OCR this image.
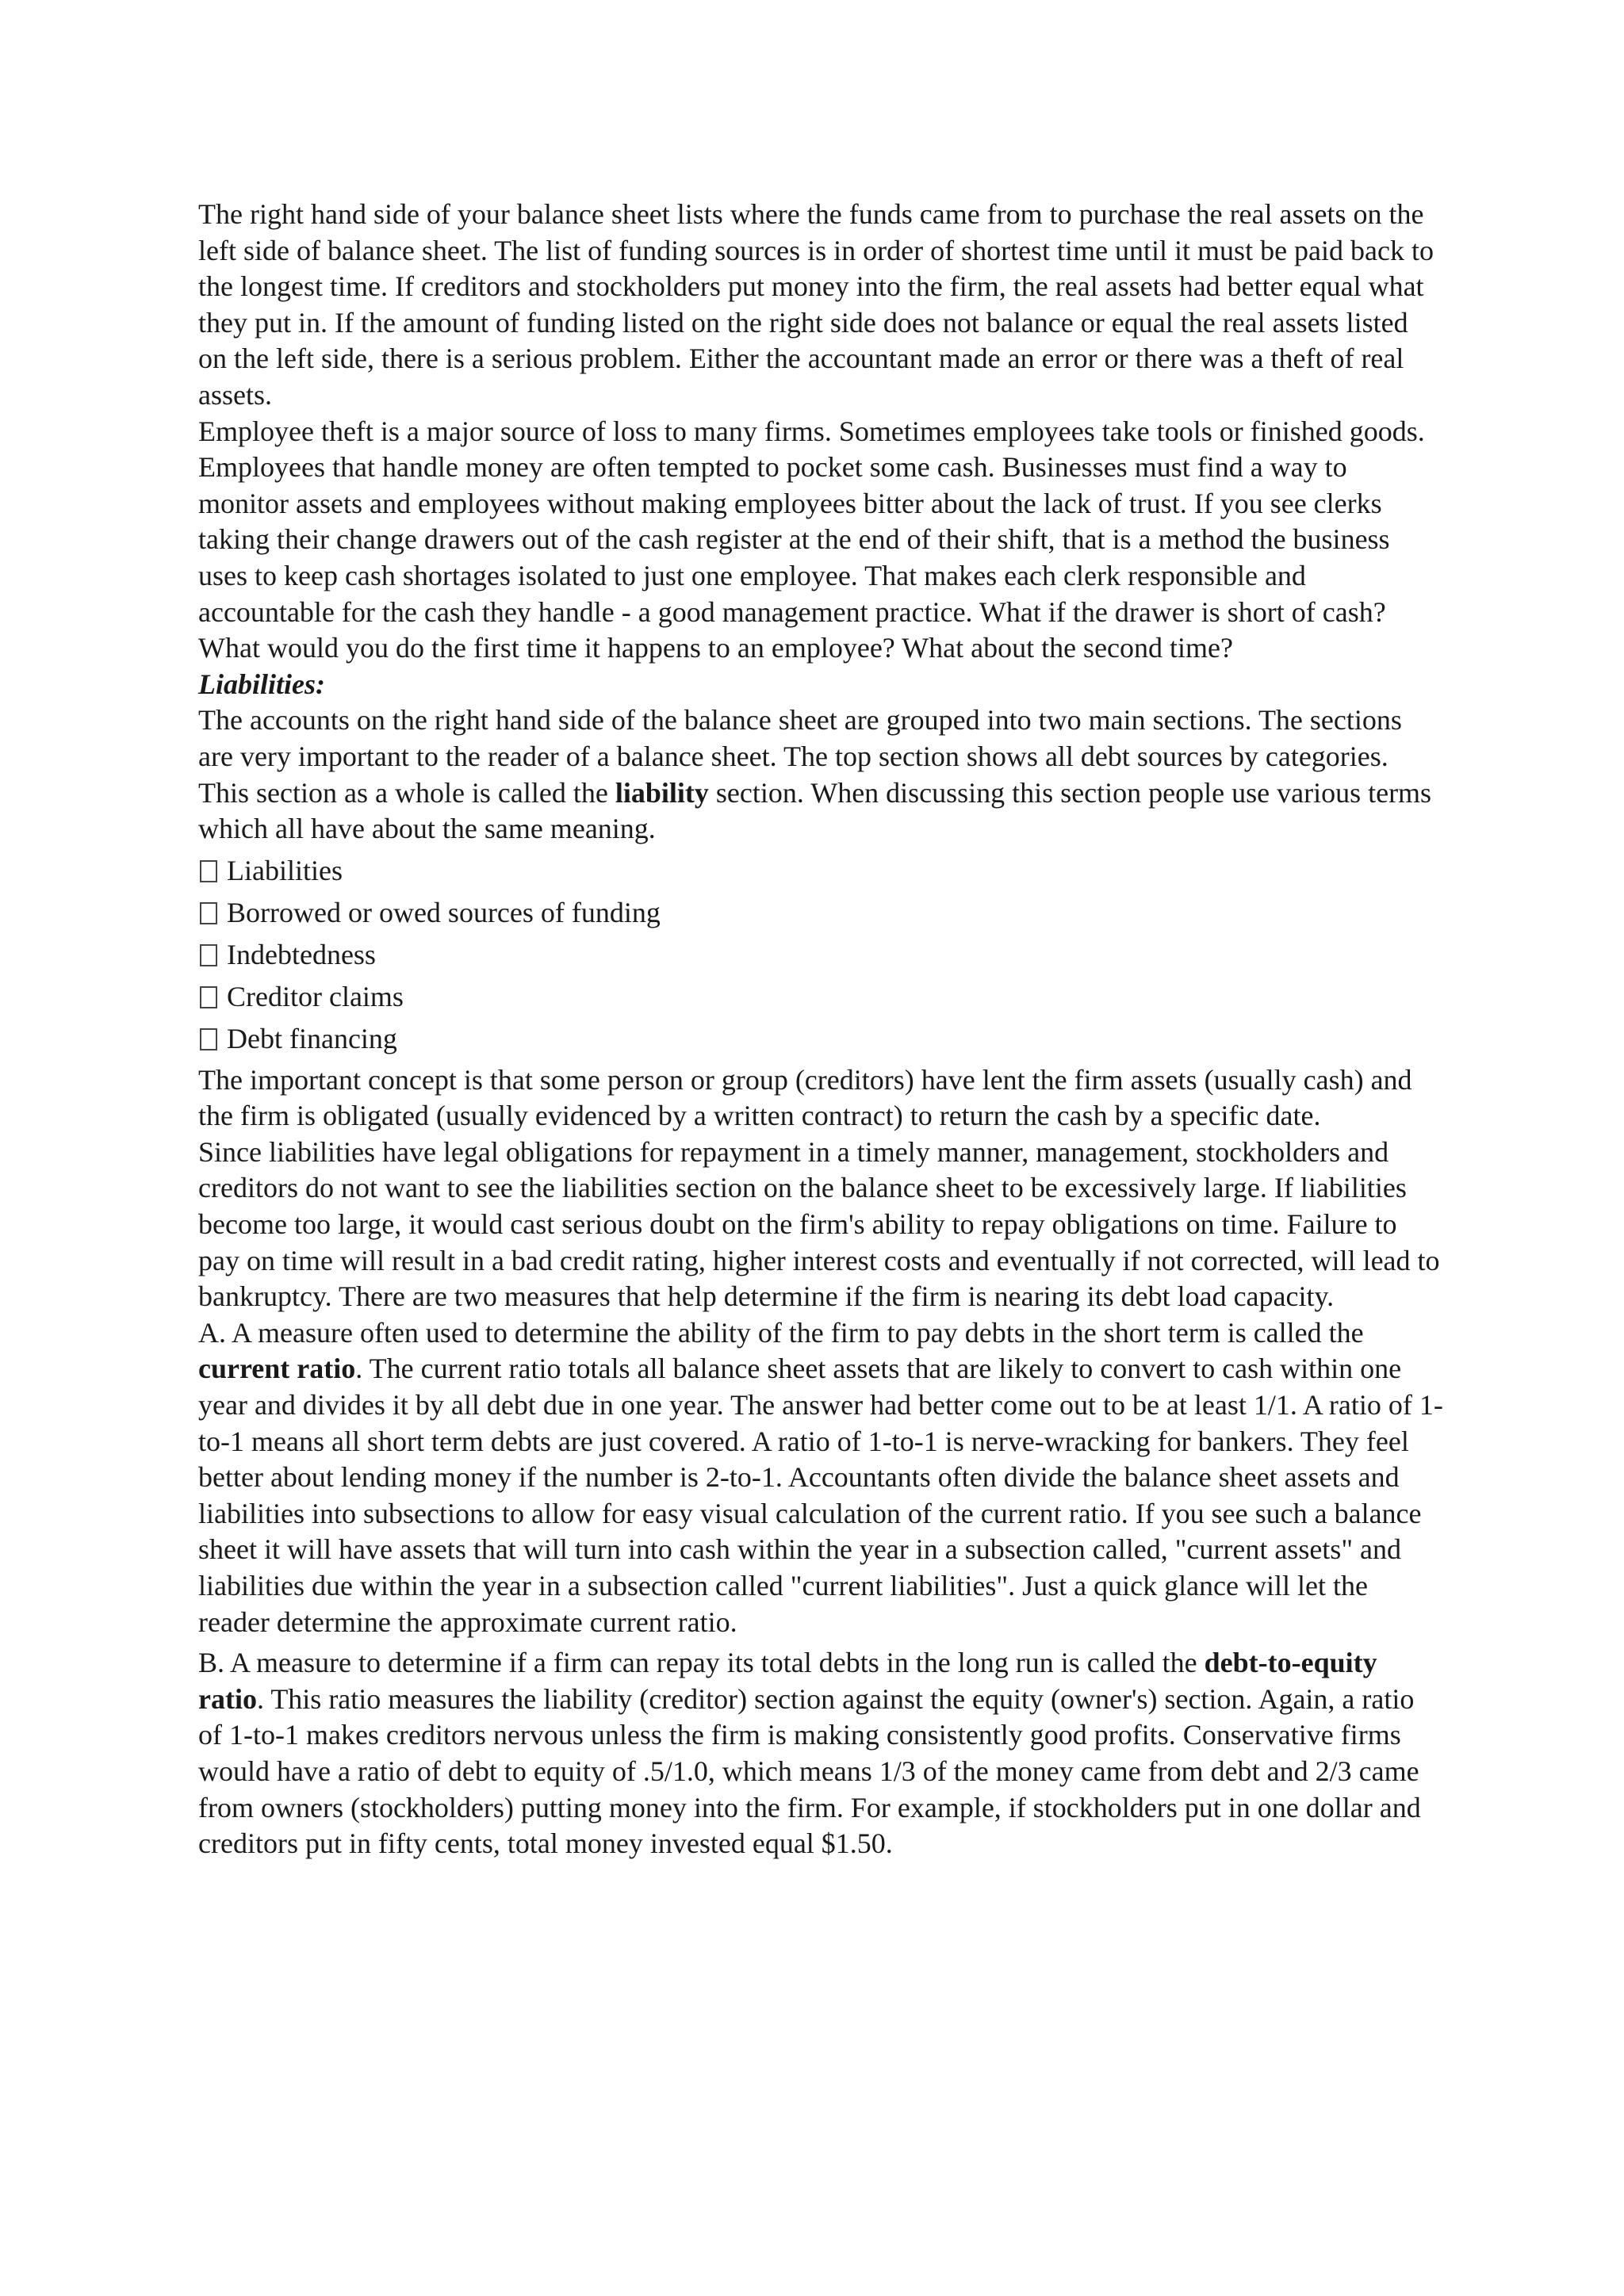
The right hand side of your balance sheet lists where the funds came from to purchase the real assets on the left side of balance sheet. The list of funding sources is in order of shortest time until it must be paid back to the longest time. If creditors and stockholders put money into the firm, the real assets had better equal what they put in. If the amount of funding listed on the right side does not balance or equal the real assets listed on the left side, there is a serious problem. Either the accountant made an error or there was a theft of real assets.

Employee theft is a major source of loss to many firms. Sometimes employees take tools or finished goods. Employees that handle money are often tempted to pocket some cash. Businesses must find a way to monitor assets and employees without making employees bitter about the lack of trust. If you see clerks taking their change drawers out of the cash register at the end of their shift, that is a method the business uses to keep cash shortages isolated to just one employee. That makes each clerk responsible and accountable for the cash they handle - a good management practice. What if the drawer is short of cash? What would you do the first time it happens to an employee? What about the second time?

Liabilities:

The accounts on the right hand side of the balance sheet are grouped into two main sections. The sections are very important to the reader of a balance sheet. The top section shows all debt sources by categories. This section as a whole is called the liability section. When discussing this section people use various terms which all have about the same meaning.

Liabilities
Borrowed or owed sources of funding
Indebtedness
Creditor claims
Debt financing

The important concept is that some person or group (creditors) have lent the firm assets (usually cash) and the firm is obligated (usually evidenced by a written contract) to return the cash by a specific date.

Since liabilities have legal obligations for repayment in a timely manner, management, stockholders and creditors do not want to see the liabilities section on the balance sheet to be excessively large. If liabilities become too large, it would cast serious doubt on the firm's ability to repay obligations on time. Failure to pay on time will result in a bad credit rating, higher interest costs and eventually if not corrected, will lead to bankruptcy. There are two measures that help determine if the firm is nearing its debt load capacity.

A. A measure often used to determine the ability of the firm to pay debts in the short term is called the current ratio. The current ratio totals all balance sheet assets that are likely to convert to cash within one year and divides it by all debt due in one year. The answer had better come out to be at least 1/1. A ratio of 1-to-1 means all short term debts are just covered. A ratio of 1-to-1 is nerve-wracking for bankers. They feel better about lending money if the number is 2-to-1. Accountants often divide the balance sheet assets and liabilities into subsections to allow for easy visual calculation of the current ratio. If you see such a balance sheet it will have assets that will turn into cash within the year in a subsection called, "current assets" and liabilities due within the year in a subsection called "current liabilities". Just a quick glance will let the reader determine the approximate current ratio.

B. A measure to determine if a firm can repay its total debts in the long run is called the debt-to-equity ratio. This ratio measures the liability (creditor) section against the equity (owner's) section. Again, a ratio of 1-to-1 makes creditors nervous unless the firm is making consistently good profits. Conservative firms would have a ratio of debt to equity of .5/1.0, which means 1/3 of the money came from debt and 2/3 came from owners (stockholders) putting money into the firm. For example, if stockholders put in one dollar and creditors put in fifty cents, total money invested equal $1.50.
